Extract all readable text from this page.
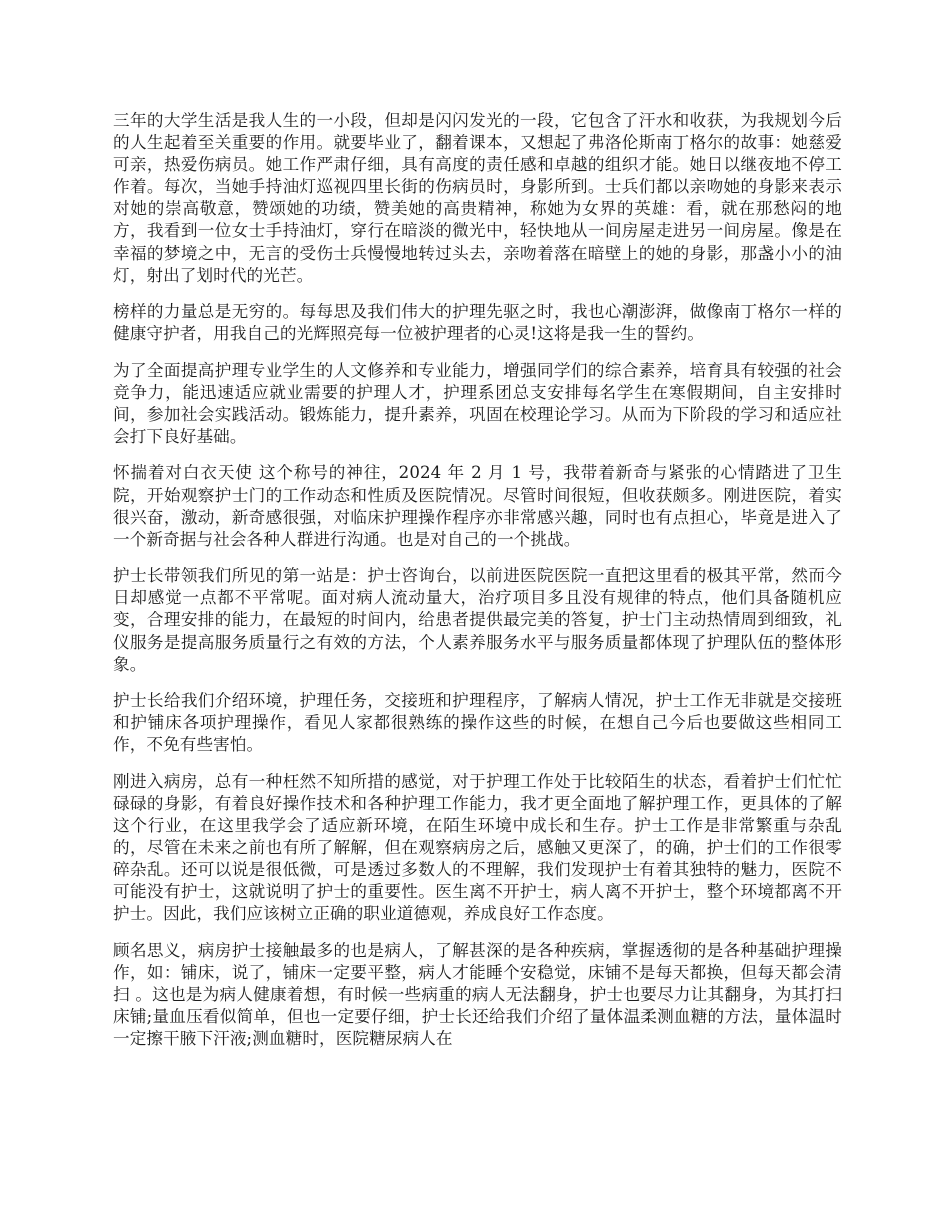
三年的大学生活是我人生的一小段，但却是闪闪发光的一段，它包含了汗水和收获，为我规划今后的人生起着至关重要的作用。就要毕业了，翻着课本，又想起了弗洛伦斯南丁格尔的故事：她慈爱可亲，热爱伤病员。她工作严肃仔细，具有高度的责任感和卓越的组织才能。她日以继夜地不停工作着。每次，当她手持油灯巡视四里长街的伤病员时，身影所到。士兵们都以亲吻她的身影来表示对她的崇高敬意，赞颂她的功绩，赞美她的高贵精神，称她为女界的英雄：看，就在那愁闷的地方，我看到一位女士手持油灯，穿行在暗淡的微光中，轻快地从一间房屋走进另一间房屋。像是在幸福的梦境之中，无言的受伤士兵慢慢地转过头去，亲吻着落在暗壁上的她的身影，那盏小小的油灯，射出了划时代的光芒。

榜样的力量总是无穷的。每每思及我们伟大的护理先驱之时，我也心潮澎湃，做像南丁格尔一样的健康守护者，用我自己的光辉照亮每一位被护理者的心灵!这将是我一生的誓约。

为了全面提高护理专业学生的人文修养和专业能力，增强同学们的综合素养，培育具有较强的社会竞争力，能迅速适应就业需要的护理人才，护理系团总支安排每名学生在寒假期间，自主安排时间，参加社会实践活动。锻炼能力，提升素养，巩固在校理论学习。从而为下阶段的学习和适应社会打下良好基础。

怀揣着对白衣天使 这个称号的神往，2024 年 2 月 1 号，我带着新奇与紧张的心情踏进了卫生院，开始观察护士门的工作动态和性质及医院情况。尽管时间很短，但收获颇多。刚进医院，着实很兴奋，激动，新奇感很强，对临床护理操作程序亦非常感兴趣，同时也有点担心，毕竟是进入了一个新奇据与社会各种人群进行沟通。也是对自己的一个挑战。

护士长带领我们所见的第一站是：护士咨询台，以前进医院医院一直把这里看的极其平常，然而今日却感觉一点都不平常呢。面对病人流动量大，治疗项目多且没有规律的特点，他们具备随机应变，合理安排的能力，在最短的时间内，给患者提供最完美的答复，护士门主动热情周到细致，礼仪服务是提高服务质量行之有效的方法，个人素养服务水平与服务质量都体现了护理队伍的整体形象。

护士长给我们介绍环境，护理任务，交接班和护理程序，了解病人情况，护士工作无非就是交接班和护铺床各项护理操作，看见人家都很熟练的操作这些的时候，在想自己今后也要做这些相同工作，不免有些害怕。

刚进入病房，总有一种枉然不知所措的感觉，对于护理工作处于比较陌生的状态，看着护士们忙忙碌碌的身影，有着良好操作技术和各种护理工作能力，我才更全面地了解护理工作，更具体的了解这个行业，在这里我学会了适应新环境，在陌生环境中成长和生存。护士工作是非常繁重与杂乱的，尽管在未来之前也有所了解解，但在观察病房之后，感触又更深了，的确，护士们的工作很零碎杂乱。还可以说是很低微，可是透过多数人的不理解，我们发现护士有着其独特的魅力，医院不可能没有护士，这就说明了护士的重要性。医生离不开护士，病人离不开护士，整个环境都离不开护士。因此，我们应该树立正确的职业道德观，养成良好工作态度。

顾名思义，病房护士接触最多的也是病人，了解甚深的是各种疾病，掌握透彻的是各种基础护理操作，如：铺床，说了，铺床一定要平整，病人才能睡个安稳觉，床铺不是每天都换，但每天都会清扫 。这也是为病人健康着想，有时候一些病重的病人无法翻身，护士也要尽力让其翻身，为其打扫床铺;量血压看似简单，但也一定要仔细，护士长还给我们介绍了量体温柔测血糖的方法，量体温时一定擦干腋下汗液;测血糖时，医院糖尿病人在
